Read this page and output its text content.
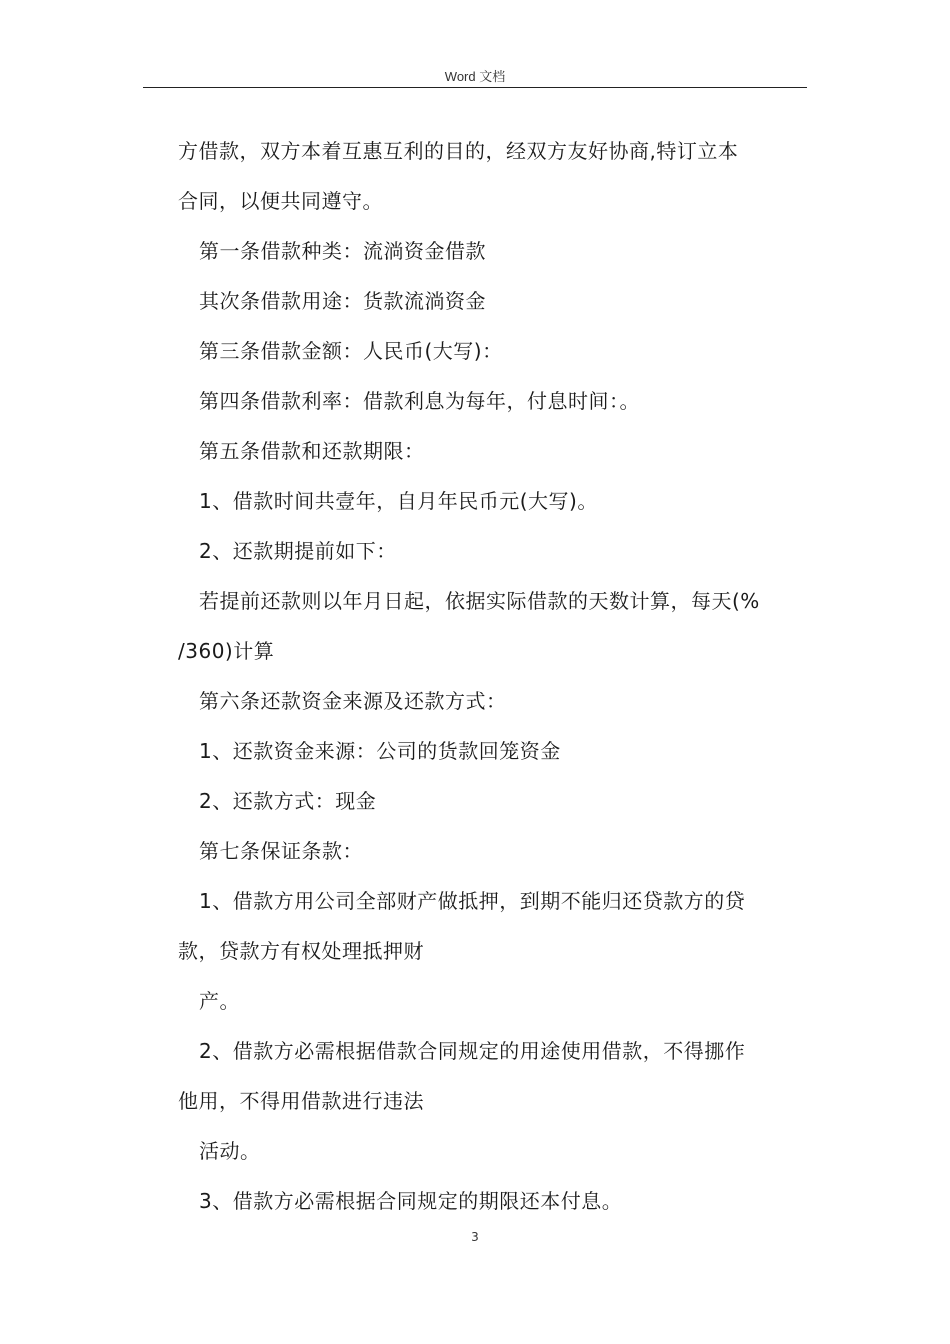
Word 文档
方借款，双方本着互惠互利的目的，经双方友好协商,特订立本
合同，以便共同遵守。
第一条借款种类：流淌资金借款
其次条借款用途：货款流淌资金
第三条借款金额：人民币(大写)：
第四条借款利率：借款利息为每年，付息时间：。
第五条借款和还款期限：
1、借款时间共壹年，自月年民币元(大写)。
2、还款期提前如下：
若提前还款则以年月日起，依据实际借款的天数计算，每天(%
/360)计算
第六条还款资金来源及还款方式：
1、还款资金来源：公司的货款回笼资金
2、还款方式：现金
第七条保证条款：
1、借款方用公司全部财产做抵押，到期不能归还贷款方的贷
款，贷款方有权处理抵押财
产。
2、借款方必需根据借款合同规定的用途使用借款，不得挪作
他用，不得用借款进行违法
活动。
3、借款方必需根据合同规定的期限还本付息。
3
